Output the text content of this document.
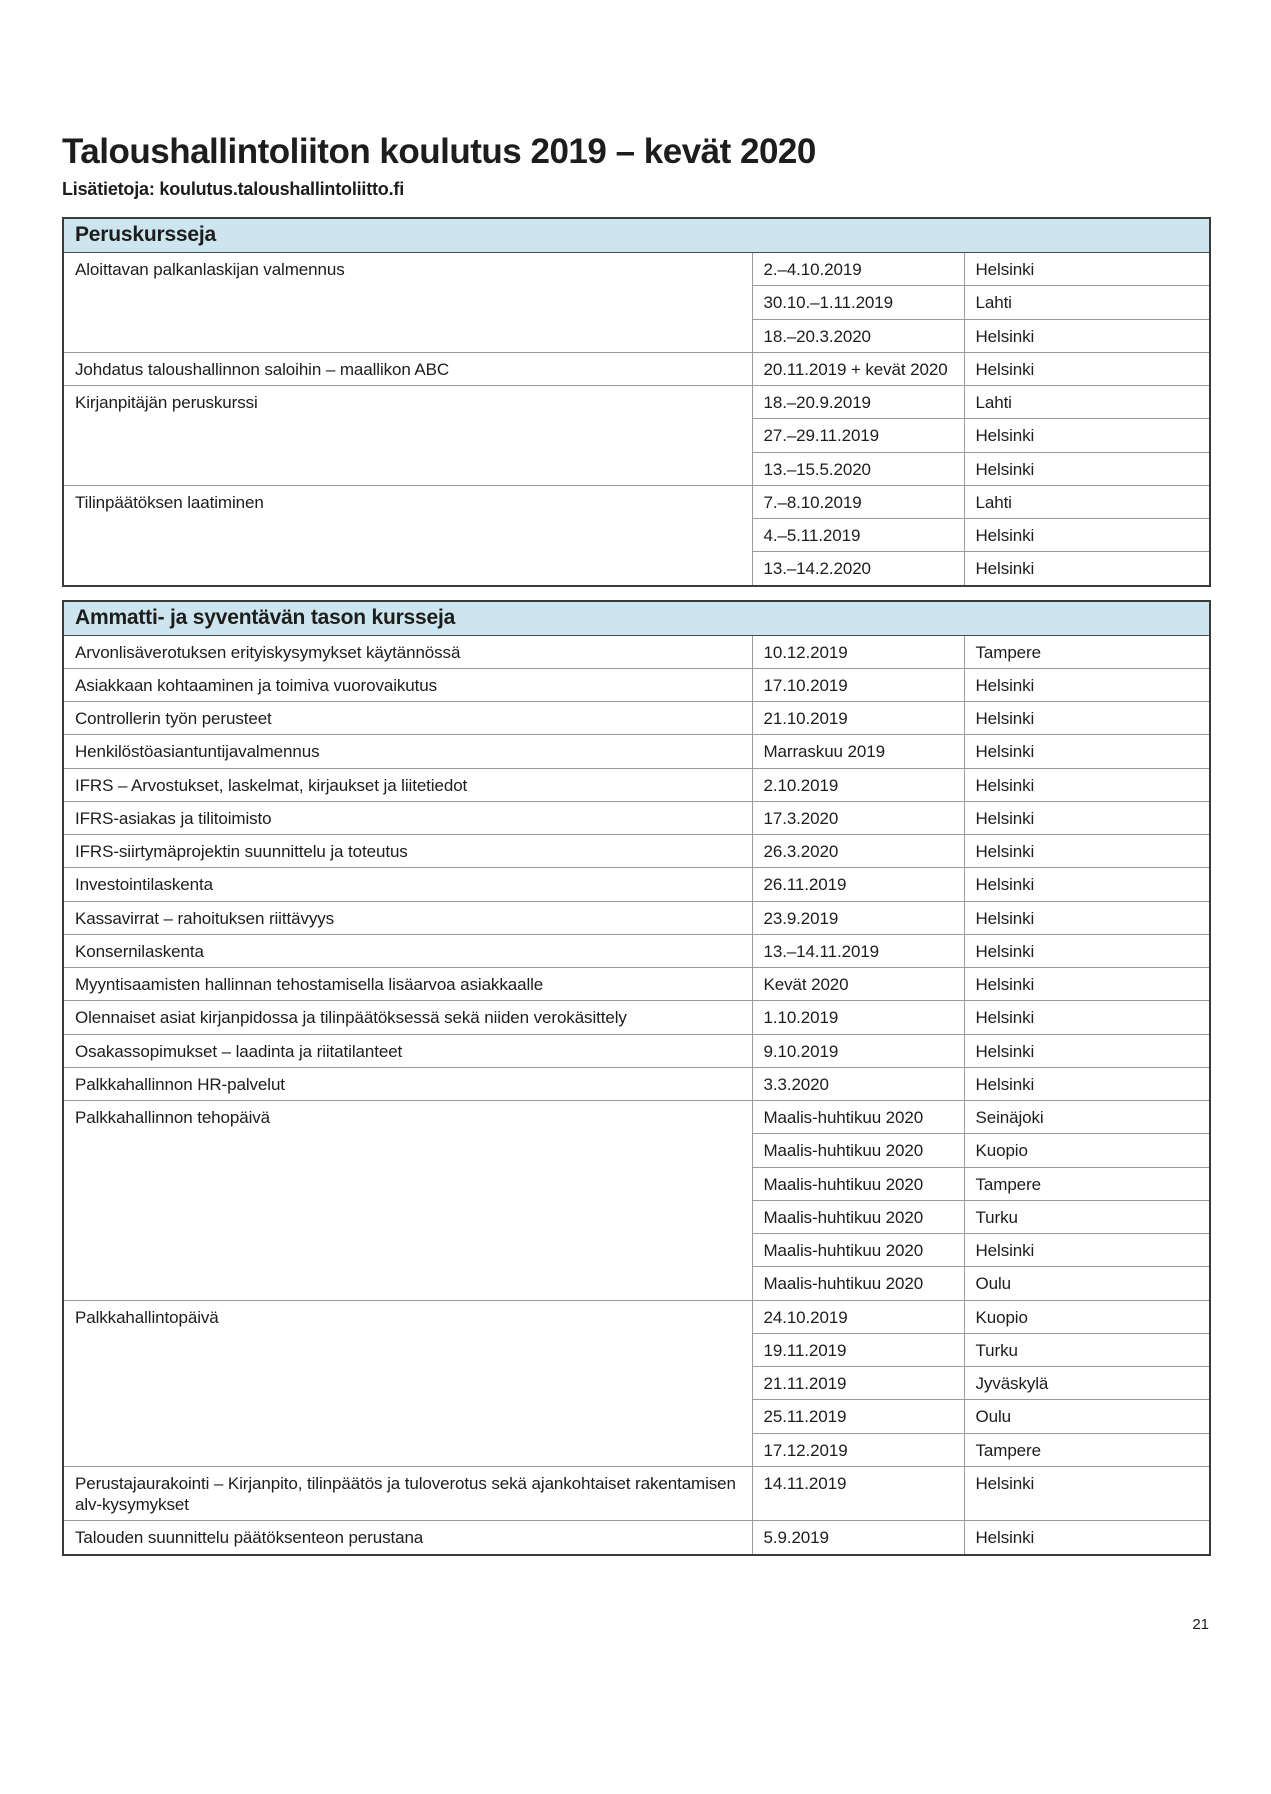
Taloushallintoliiton koulutus 2019 – kevät 2020

Lisätietoja: koulutus.taloushallintoliitto.fi

Peruskursseja		
Aloittavan palkanlaskijan valmennus	2.–4.10.2019	Helsinki
	30.10.–1.11.2019	Lahti
	18.–20.3.2020	Helsinki
Johdatus taloushallinnon saloihin – maallikon ABC	20.11.2019 + kevät 2020	Helsinki
Kirjanpitäjän peruskurssi	18.–20.9.2019	Lahti
	27.–29.11.2019	Helsinki
	13.–15.5.2020	Helsinki
Tilinpäätöksen laatiminen	7.–8.10.2019	Lahti
	4.–5.11.2019	Helsinki
	13.–14.2.2020	Helsinki
Ammatti- ja syventävän tason kursseja		
Arvonlisäverotuksen erityiskysymykset käytännössä	10.12.2019	Tampere
Asiakkaan kohtaaminen ja toimiva vuorovaikutus	17.10.2019	Helsinki
Controllerin työn perusteet	21.10.2019	Helsinki
Henkilöstöasiantuntijavalmennus	Marraskuu 2019	Helsinki
IFRS – Arvostukset, laskelmat, kirjaukset ja liitetiedot	2.10.2019	Helsinki
IFRS-asiakas ja tilitoimisto	17.3.2020	Helsinki
IFRS-siirtymäprojektin suunnittelu ja toteutus	26.3.2020	Helsinki
Investointilaskenta	26.11.2019	Helsinki
Kassavirrat – rahoituksen riittävyys	23.9.2019	Helsinki
Konsernilaskenta	13.–14.11.2019	Helsinki
Myyntisaamisten hallinnan tehostamisella lisäarvoa asiakkaalle	Kevät 2020	Helsinki
Olennaiset asiat kirjanpidossa ja tilinpäätöksessä sekä niiden verokäsittely	1.10.2019	Helsinki
Osakassopimukset – laadinta ja riitatilanteet	9.10.2019	Helsinki
Palkkahallinnon HR-palvelut	3.3.2020	Helsinki
Palkkahallinnon tehopäivä	Maalis-huhtikuu 2020	Seinäjoki
	Maalis-huhtikuu 2020	Kuopio
	Maalis-huhtikuu 2020	Tampere
	Maalis-huhtikuu 2020	Turku
	Maalis-huhtikuu 2020	Helsinki
	Maalis-huhtikuu 2020	Oulu
Palkkahallintopäivä	24.10.2019	Kuopio
	19.11.2019	Turku
	21.11.2019	Jyväskylä
	25.11.2019	Oulu
	17.12.2019	Tampere
Perustajaurakointi – Kirjanpito, tilinpäätös ja tuloverotus sekä ajankohtaiset rakentamisen alv-kysymykset	14.11.2019	Helsinki
Talouden suunnittelu päätöksenteon perustana	5.9.2019	Helsinki
21
